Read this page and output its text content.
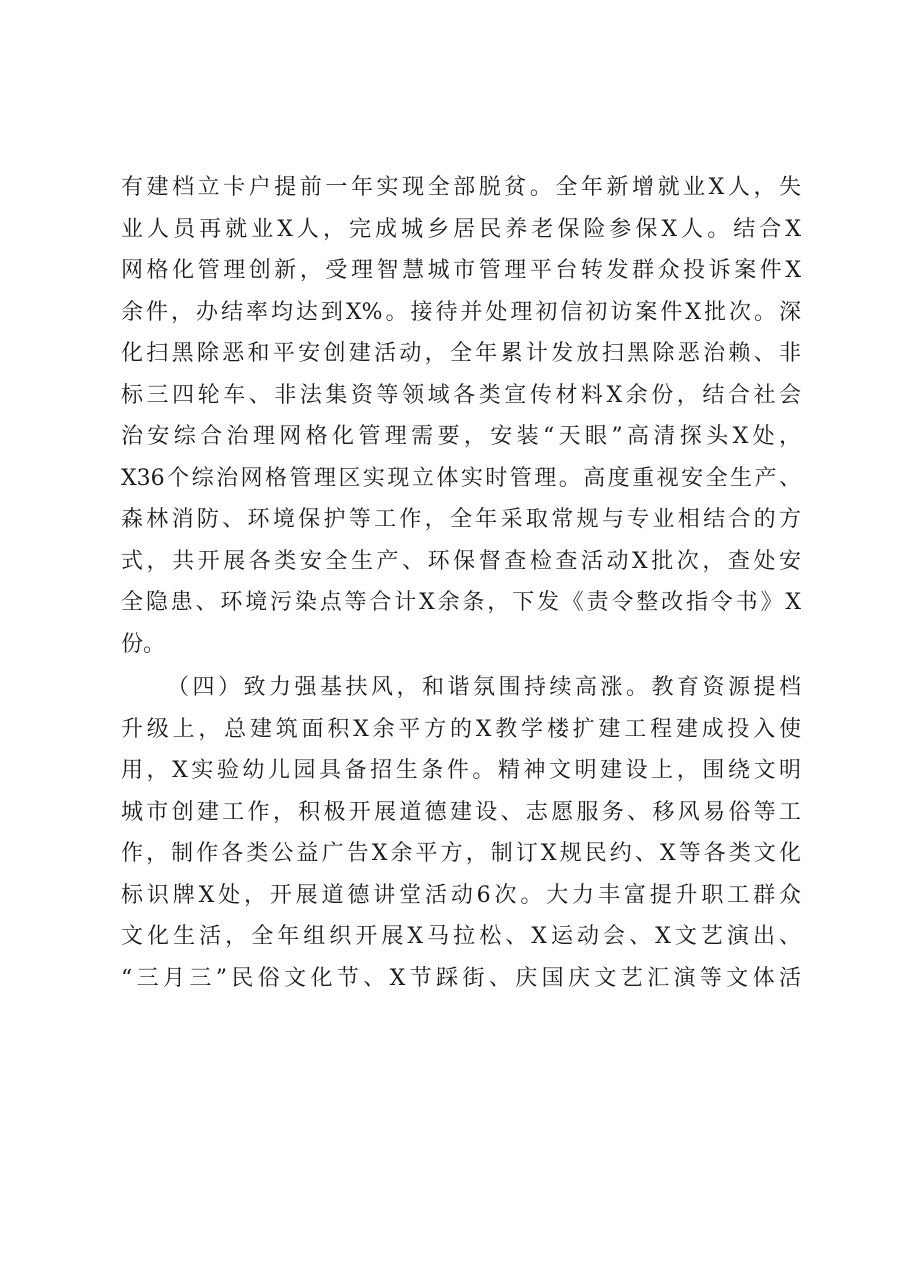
有建档立卡户提前一年实现全部脱贫。全年新增就业X人，失
业人员再就业X人，完成城乡居民养老保险参保X人。结合X
网格化管理创新，受理智慧城市管理平台转发群众投诉案件X
余件，办结率均达到X%。接待并处理初信初访案件X批次。深
化扫黑除恶和平安创建活动，全年累计发放扫黑除恶治赖、非
标三四轮车、非法集资等领域各类宣传材料X余份，结合社会
治安综合治理网格化管理需要，安装“天眼”高清探头X处，
X36个综治网格管理区实现立体实时管理。高度重视安全生产、
森林消防、环境保护等工作，全年采取常规与专业相结合的方
式，共开展各类安全生产、环保督查检查活动X批次，查处安
全隐患、环境污染点等合计X余条，下发《责令整改指令书》X
份。
（四）致力强基扶风，和谐氛围持续高涨。教育资源提档
升级上，总建筑面积X余平方的X教学楼扩建工程建成投入使
用，X实验幼儿园具备招生条件。精神文明建设上，围绕文明
城市创建工作，积极开展道德建设、志愿服务、移风易俗等工
作，制作各类公益广告X余平方，制订X规民约、X等各类文化
标识牌X处，开展道德讲堂活动6次。大力丰富提升职工群众
文化生活，全年组织开展X马拉松、X运动会、X文艺演出、
“三月三”民俗文化节、X节踩街、庆国庆文艺汇演等文体活
